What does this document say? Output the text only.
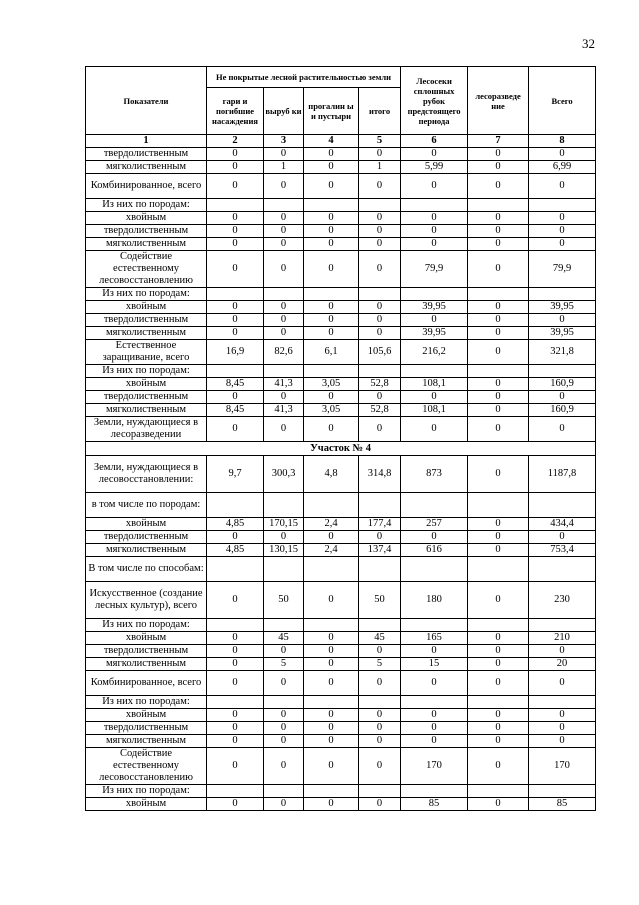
32
Показатели	Не покрытые лесной растительностью земли				Лесосеки сплошных рубок предстоящего периода	лесоразведе ние	Всего
	гари и погибшие насаждения	выруб ки	прогалин ы и пустыри	итого			
1	2	3	4	5	6	7	8
твердолиственным	0	0	0	0	0	0	0
мягколиственным	0	1	0	1	5,99	0	6,99
Комбинированное, всего	0	0	0	0	0	0	0
Из них по породам:							
хвойным	0	0	0	0	0	0	0
твердолиственным	0	0	0	0	0	0	0
мягколиственным	0	0	0	0	0	0	0
Содействие естественному лесовосстановлению	0	0	0	0	79,9	0	79,9
Из них по породам:							
хвойным	0	0	0	0	39,95	0	39,95
твердолиственным	0	0	0	0	0	0	0
мягколиственным	0	0	0	0	39,95	0	39,95
Естественное заращивание, всего	16,9	82,6	6,1	105,6	216,2	0	321,8
Из них по породам:							
хвойным	8,45	41,3	3,05	52,8	108,1	0	160,9
твердолиственным	0	0	0	0	0	0	0
мягколиственным	8,45	41,3	3,05	52,8	108,1	0	160,9
Земли, нуждающиеся в лесоразведении	0	0	0	0	0	0	0
Участок № 4							
Земли, нуждающиеся в лесовосстановлении:	9,7	300,3	4,8	314,8	873	0	1187,8
в том числе по породам:							
хвойным	4,85	170,15	2,4	177,4	257	0	434,4
твердолиственным	0	0	0	0	0	0	0
мягколиственным	4,85	130,15	2,4	137,4	616	0	753,4
В том числе по способам:							
Искусственное (создание лесных культур), всего	0	50	0	50	180	0	230
Из них по породам:							
хвойным	0	45	0	45	165	0	210
твердолиственным	0	0	0	0	0	0	0
мягколиственным	0	5	0	5	15	0	20
Комбинированное, всего	0	0	0	0	0	0	0
Из них по породам:							
хвойным	0	0	0	0	0	0	0
твердолиственным	0	0	0	0	0	0	0
мягколиственным	0	0	0	0	0	0	0
Содействие естественному лесовосстановлению	0	0	0	0	170	0	170
Из них по породам:							
хвойным	0	0	0	0	85	0	85
